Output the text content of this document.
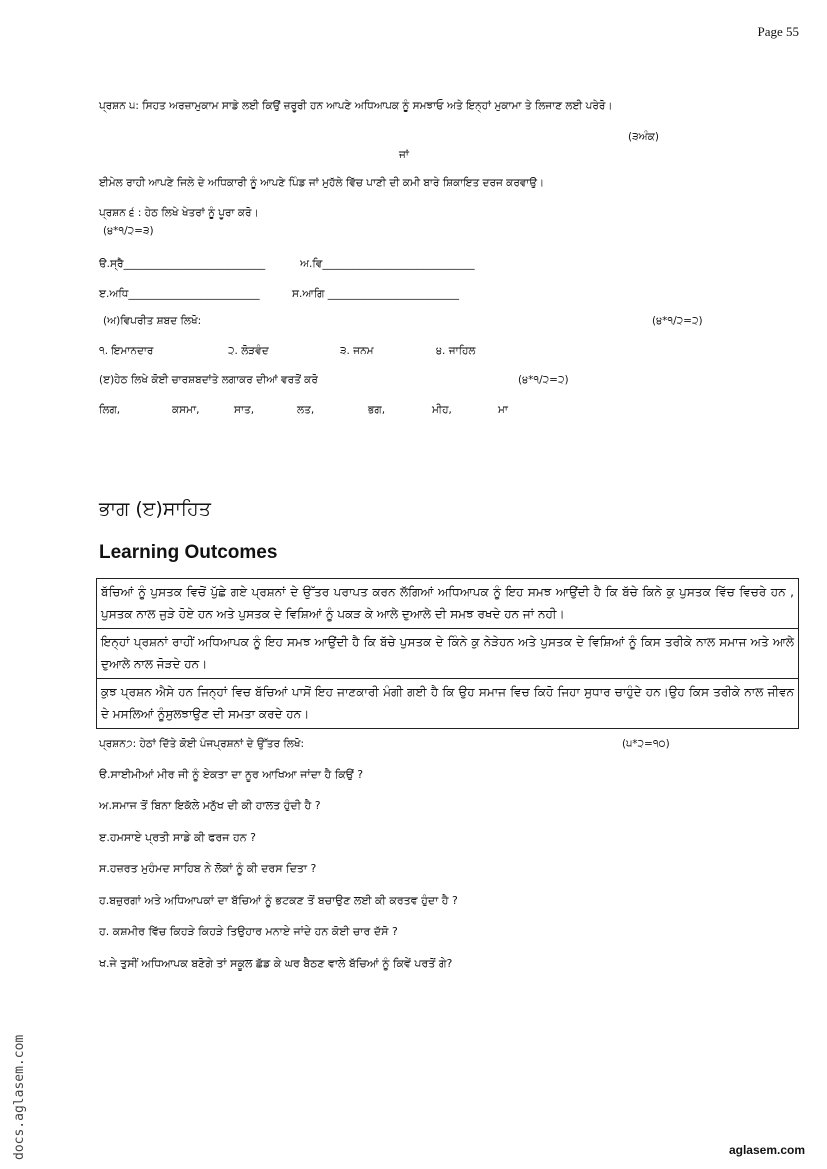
Page 55
ਪ੍ਰਸ਼ਨ ੫: ਸਿਹਤ ਅਰਜ਼ਾਮੁਕਾਮ ਸਾਡੇ ਲਈ ਕਿਉਂ ਜ਼ਰੂਰੀ ਹਨ ਆਪਣੇ ਅਧਿਆਪਕ ਨੂੰ ਸਮਝਾਓ ਅਤੇ ਇਨ੍ਹਾਂ ਮੁਕਾਮਾ ਤੇ ਲਿਜਾਣ ਲਈ ਪਰੇਰੋ।
(੩ਅੰਕ)
ਜਾਂ
ਈਮੇਲ ਰਾਹੀ ਆਪਣੇ ਜਿਲੇ ਦੇ ਅਧਿਕਾਰੀ ਨੂੰ ਆਪਣੇ ਪਿੰਡ ਜਾਂ ਮੁਹੱਲੇ ਵਿੱਚ ਪਾਣੀ ਦੀ ਕਮੀ ਬਾਰੇ ਸ਼ਿਕਾਇਤ ਦਰਜ ਕਰਵਾਉ।
ਪ੍ਰਸ਼ਨ ੬ : ਹੇਠ ਲਿਖੇ ਖੇਤਰਾਂ ਨੂੰ ਪੂਰਾ ਕਰੋ।
(੪*੧/੨=੩)
ੳ.ਸ੍ਰੈ___________________________	ਅ.ਵਿ_____________________________
ੲ.ਅਧਿ_________________________	ਸ.ਆਗਿ _________________________
(ਅ)ਵਿਪਰੀਤ ਸ਼ਬਦ ਲਿਖੋ:	(੪*੧/੨=੨)
੧. ਇਮਾਨਦਾਰ	੨. ਲੋੜਵੰਦ	੩. ਜਨਮ	੪. ਜਾਹਿਲ
(ੲ)ਹੇਠ ਲਿਖੇ ਕੋਈ ਚਾਰਸ਼ਬਦਾਂਤੇ ਲਗਾਕਰ ਦੀਆਂ ਵਰਤੋਂ ਕਰੋ	(੪*੧/੨=੨)
ਲਿਗ,	ਕਸਮਾ,	ਸਾਤ,	ਲਤ,	ਭਗ,	ਮੀਹ,	ਮਾ
ਭਾਗ (ੲ)ਸਾਹਿਤ
Learning Outcomes
ਬੱਚਿਆਂ ਨੂੰ ਪੁਸਤਕ ਵਿਚੋਂ ਪੁੱਛੇ ਗਏ ਪ੍ਰਸ਼ਨਾਂ ਦੇ ਉੱਤਰ ਪਰਾਪਤ ਕਰਨ ਲੱਗਿਆਂ ਅਧਿਆਪਕ ਨੂੰ ਇਹ ਸਮਝ ਆਉਂਦੀ ਹੈ ਕਿ ਬੱਚੇ ਕਿਨੇ ਕੁ ਪੁਸਤਕ ਵਿੱਚ ਵਿਚਰੇ ਹਨ , ਪੁਸਤਕ ਨਾਲ ਜੁੜੇ ਹੋਏ ਹਨ ਅਤੇ ਪੁਸਤਕ ਦੇ ਵਿਸ਼ਿਆਂ ਨੂੰ ਪਕੜ ਕੇ ਆਲੇ ਦੁਆਲੇ ਦੀ ਸਮਝ ਰਖਦੇ ਹਨ ਜਾਂ ਨਹੀ।
ਇਨ੍ਹਾਂ ਪ੍ਰਸ਼ਨਾਂ ਰਾਹੀਂ ਅਧਿਆਪਕ ਨੂੰ ਇਹ ਸਮਝ ਆਉਂਦੀ ਹੈ ਕਿ ਬੱਚੇ ਪੁਸਤਕ ਦੇ ਕਿੰਨੇ ਕੁ ਨੇੜੇਹਨ ਅਤੇ ਪੁਸਤਕ ਦੇ ਵਿਸ਼ਿਆਂ ਨੂੰ ਕਿਸ ਤਰੀਕੇ ਨਾਲ ਸਮਾਜ ਅਤੇ ਆਲੇ ਦੁਆਲੇ ਨਾਲ ਜੋੜਦੇ ਹਨ।
ਕੁਝ ਪ੍ਰਸ਼ਨ ਐਸੇ ਹਨ ਜਿਨ੍ਹਾਂ ਵਿਚ ਬੱਚਿਆਂ ਪਾਸੋਂ ਇਹ ਜਾਣਕਾਰੀ ਮੰਗੀ ਗਈ ਹੈ ਕਿ ਉਹ ਸਮਾਜ ਵਿਚ ਕਿਹੋ ਜਿਹਾ ਸੁਧਾਰ ਚਾਹੁੰਦੇ ਹਨ।ਉਹ ਕਿਸ ਤਰੀਕੇ ਨਾਲ ਜੀਵਨ ਦੇ ਮਸਲਿਆਂ ਨੂੰਸੁਲਝਾਉਣ ਦੀ ਸਮਤਾ ਕਰਦੇ ਹਨ।
ਪ੍ਰਸ਼ਨ੭: ਹੇਠਾਂ ਦਿੱਤੇ ਕੋਈ ਪੰਜਪ੍ਰਸ਼ਨਾਂ ਦੇ ਉੱਤਰ ਲਿਖੋ:	(੫*੨=੧੦)
ੳ.ਸਾਈਮੀਆਂ ਮੀਰ ਜੀ ਨੂੰ ਏਕਤਾ ਦਾ ਨੂਰ ਆਖਿਆ ਜਾਂਦਾ ਹੈ ਕਿਉਂ ?
ਅ.ਸਮਾਜ ਤੋਂ ਬਿਨਾ ਇਕੱਲੇ ਮਨੁੱਖ ਦੀ ਕੀ ਹਾਲਤ ਹੁੰਦੀ ਹੈ ?
ੲ.ਹਮਸਾਏ ਪ੍ਰਤੀ ਸਾਡੇ ਕੀ ਫਰਜ ਹਨ ?
ਸ.ਹਜ਼ਰਤ ਮੁਹੰਮਦ ਸਾਹਿਬ ਨੇ ਲੋਕਾਂ ਨੂੰ ਕੀ ਦਰਸ ਦਿਤਾ ?
ਹ.ਬਜ਼ੁਰਗਾਂ ਅਤੇ ਅਧਿਆਪਕਾਂ ਦਾ ਬੱਚਿਆਂ ਨੂੰ ਭਟਕਣ ਤੋਂ ਬਚਾਉਣ ਲਈ ਕੀ ਕਰਤਵ ਹੁੰਦਾ ਹੈ ?
ਹ. ਕਸ਼ਮੀਰ ਵਿੱਚ ਕਿਹੜੇ ਕਿਹੜੇ ਤਿਉਹਾਰ ਮਨਾਏ ਜਾਂਦੇ ਹਨ ਕੋਈ ਚਾਰ ਦੱਸੋ ?
ਖ.ਜੇ ਤੁਸੀਂ ਅਧਿਆਪਕ ਬਣੋਗੇ ਤਾਂ ਸਕੂਲ ਛੱਡ ਕੇ ਘਰ ਬੈਠਣ ਵਾਲੇ ਬੱਚਿਆਂ ਨੂੰ ਕਿਵੇਂ ਪਰਤੋਂ ਗੇ?
docs.aglasem.com	aglasem.com
